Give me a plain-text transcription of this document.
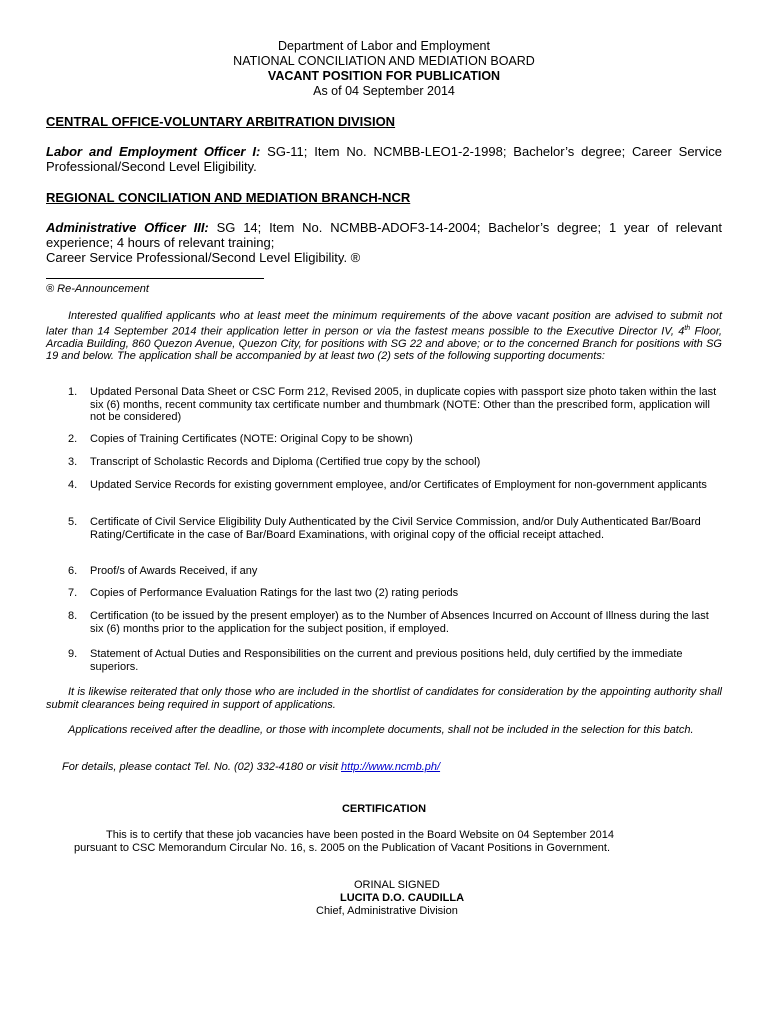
Department of Labor and Employment
NATIONAL CONCILIATION AND MEDIATION BOARD
VACANT POSITION FOR PUBLICATION
As of 04 September 2014
CENTRAL OFFICE-VOLUNTARY ARBITRATION DIVISION
Labor and Employment Officer I: SG-11; Item No. NCMBB-LEO1-2-1998; Bachelor’s degree; Career Service Professional/Second Level Eligibility.
REGIONAL CONCILIATION AND MEDIATION BRANCH-NCR
Administrative Officer III: SG 14; Item No. NCMBB-ADOF3-14-2004; Bachelor’s degree; 1 year of relevant experience; 4 hours of relevant training;
Career Service Professional/Second Level Eligibility. ®
® Re-Announcement
Interested qualified applicants who at least meet the minimum requirements of the above vacant position are advised to submit not later than 14 September 2014 their application letter in person or via the fastest means possible to the Executive Director IV, 4th Floor, Arcadia Building, 860 Quezon Avenue, Quezon City, for positions with SG 22 and above; or to the concerned Branch for positions with SG 19 and below. The application shall be accompanied by at least two (2) sets of the following supporting documents:
1.	Updated Personal Data Sheet or CSC Form 212, Revised 2005, in duplicate copies with passport size photo taken within the last six (6) months, recent community tax certificate number and thumbmark (NOTE: Other than the prescribed form, application will not be considered)
2.	Copies of Training Certificates (NOTE: Original Copy to be shown)
3.	Transcript of Scholastic Records and Diploma (Certified true copy by the school)
4.	Updated Service Records for existing government employee, and/or Certificates of Employment for non-government applicants
5.	Certificate of Civil Service Eligibility Duly Authenticated by the Civil Service Commission, and/or Duly Authenticated Bar/Board Rating/Certificate in the case of Bar/Board Examinations, with original copy of the official receipt attached.
6.	Proof/s of Awards Received, if any
7.	Copies of Performance Evaluation Ratings for the last two (2) rating periods
8.	Certification (to be issued by the present employer) as to the Number of Absences Incurred on Account of Illness during the last six (6) months prior to the application for the subject position, if employed.
9.	Statement of Actual Duties and Responsibilities on the current and previous positions held, duly certified by the immediate superiors.
It is likewise reiterated that only those who are included in the shortlist of candidates for consideration by the appointing authority shall submit clearances being required in support of applications.
Applications received after the deadline, or those with incomplete documents, shall not be included in the selection for this batch.
For details, please contact Tel. No. (02) 332-4180 or visit http://www.ncmb.ph/
CERTIFICATION
This is to certify that these job vacancies have been posted in the Board Website on 04 September 2014
pursuant to CSC Memorandum Circular No. 16, s. 2005 on the Publication of Vacant Positions in Government.
ORINAL SIGNED
LUCITA D.O. CAUDILLA
Chief, Administrative Division
